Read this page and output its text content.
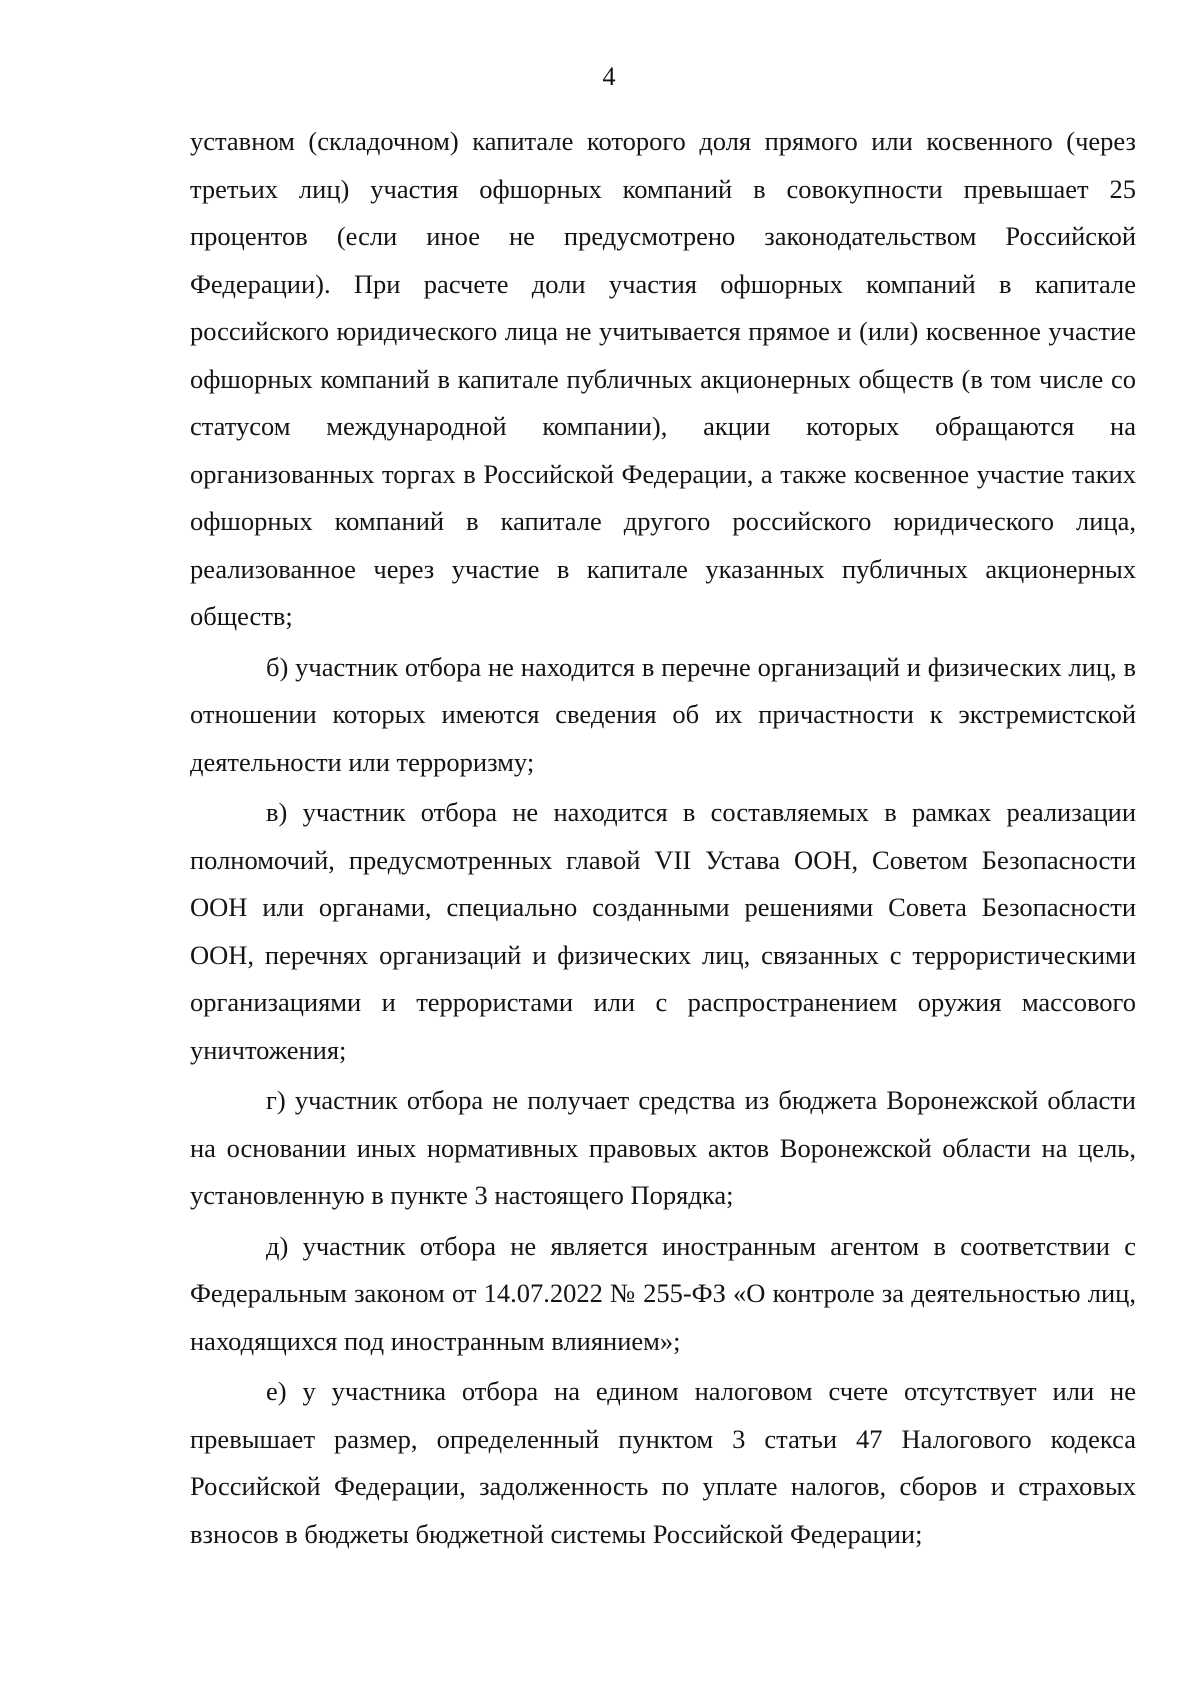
4

уставном (складочном) капитале которого доля прямого или косвенного (через третьих лиц) участия офшорных компаний в совокупности превышает 25 процентов (если иное не предусмотрено законодательством Российской Федерации). При расчете доли участия офшорных компаний в капитале российского юридического лица не учитывается прямое и (или) косвенное участие офшорных компаний в капитале публичных акционерных обществ (в том числе со статусом международной компании), акции которых обращаются на организованных торгах в Российской Федерации, а также косвенное участие таких офшорных компаний в капитале другого российского юридического лица, реализованное через участие в капитале указанных публичных акционерных обществ;

б) участник отбора не находится в перечне организаций и физических лиц, в отношении которых имеются сведения об их причастности к экстремистской деятельности или терроризму;

в) участник отбора не находится в составляемых в рамках реализации полномочий, предусмотренных главой VII Устава ООН, Советом Безопасности ООН или органами, специально созданными решениями Совета Безопасности ООН, перечнях организаций и физических лиц, связанных с террористическими организациями и террористами или с распространением оружия массового уничтожения;

г) участник отбора не получает средства из бюджета Воронежской области на основании иных нормативных правовых актов Воронежской области на цель, установленную в пункте 3 настоящего Порядка;

д) участник отбора не является иностранным агентом в соответствии с Федеральным законом от 14.07.2022 № 255-ФЗ «О контроле за деятельностью лиц, находящихся под иностранным влиянием»;

е) у участника отбора на едином налоговом счете отсутствует или не превышает размер, определенный пунктом 3 статьи 47 Налогового кодекса Российской Федерации, задолженность по уплате налогов, сборов и страховых взносов в бюджеты бюджетной системы Российской Федерации;
